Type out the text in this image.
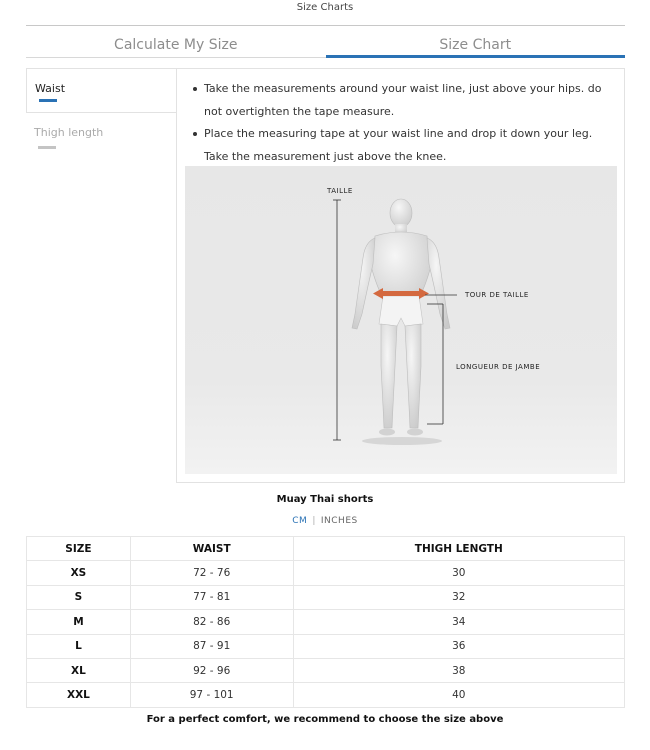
Size Charts
Calculate My Size	Size Chart
Waist
Thigh length
Take the measurements around your waist line, just above your hips. do not overtighten the tape measure.
Place the measuring tape at your waist line and drop it down your leg. Take the measurement just above the knee.
TAILLE
TOUR DE TAILLE
LONGUEUR DE JAMBE
Muay Thai shorts
CM | INCHES
SIZE	WAIST	THIGH LENGTH
XS	72 - 76	30
S	77 - 81	32
M	82 - 86	34
L	87 - 91	36
XL	92 - 96	38
XXL	97 - 101	40
For a perfect comfort, we recommend to choose the size above
